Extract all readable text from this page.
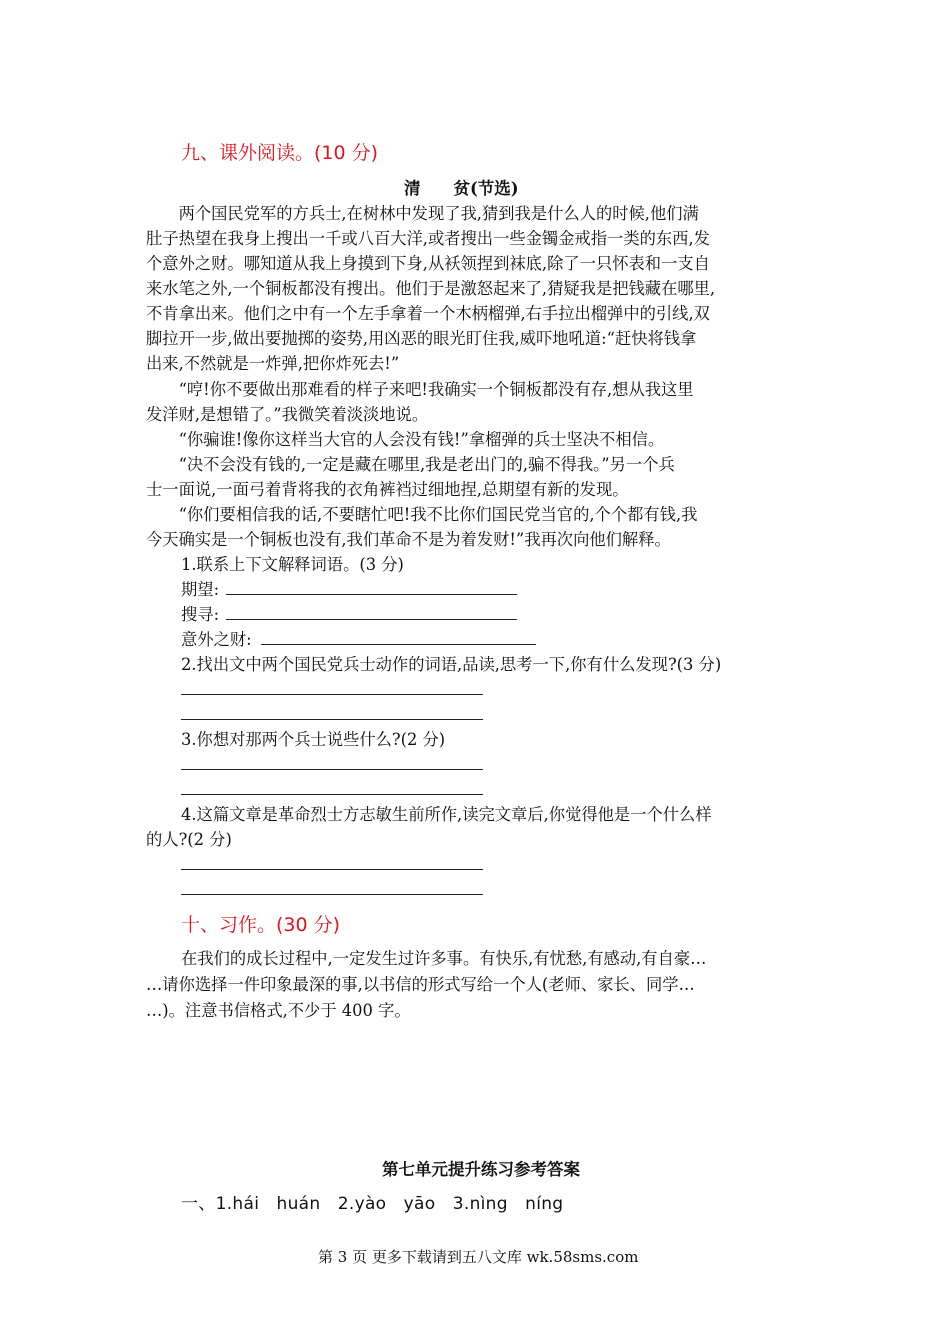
九、课外阅读。(10 分)
清　　贫(节选)
　　两个国民党军的方兵士,在树林中发现了我,猜到我是什么人的时候,他们满
肚子热望在我身上搜出一千或八百大洋,或者搜出一些金镯金戒指一类的东西,发
个意外之财。哪知道从我上身摸到下身,从袄领捏到袜底,除了一只怀表和一支自
来水笔之外,一个铜板都没有搜出。他们于是激怒起来了,猜疑我是把钱藏在哪里,
不肯拿出来。他们之中有一个左手拿着一个木柄榴弹,右手拉出榴弹中的引线,双
脚拉开一步,做出要抛掷的姿势,用凶恶的眼光盯住我,威吓地吼道:“赶快将钱拿
出来,不然就是一炸弹,把你炸死去!”
　　“哼!你不要做出那难看的样子来吧!我确实一个铜板都没有存,想从我这里
发洋财,是想错了。”我微笑着淡淡地说。
　　“你骗谁!像你这样当大官的人会没有钱!”拿榴弹的兵士坚决不相信。
　　“决不会没有钱的,一定是藏在哪里,我是老出门的,骗不得我。”另一个兵
士一面说,一面弓着背将我的衣角裤裆过细地捏,总期望有新的发现。
　　“你们要相信我的话,不要瞎忙吧!我不比你们国民党当官的,个个都有钱,我
今天确实是一个铜板也没有,我们革命不是为着发财!”我再次向他们解释。
1.联系上下文解释词语。(3 分)
期望:
搜寻:
意外之财:
2.找出文中两个国民党兵士动作的词语,品读,思考一下,你有什么发现?(3 分)
3.你想对那两个兵士说些什么?(2 分)
4.这篇文章是革命烈士方志敏生前所作,读完文章后,你觉得他是一个什么样
的人?(2 分)
十、习作。(30 分)
在我们的成长过程中,一定发生过许多事。有快乐,有忧愁,有感动,有自豪…
…请你选择一件印象最深的事,以书信的形式写给一个人(老师、家长、同学…
…)。注意书信格式,不少于 400 字。
第七单元提升练习参考答案
一、1.hái　huán　2.yào　yāo　3.nìng　níng
第 3 页 更多下载请到五八文库 wk.58sms.com
